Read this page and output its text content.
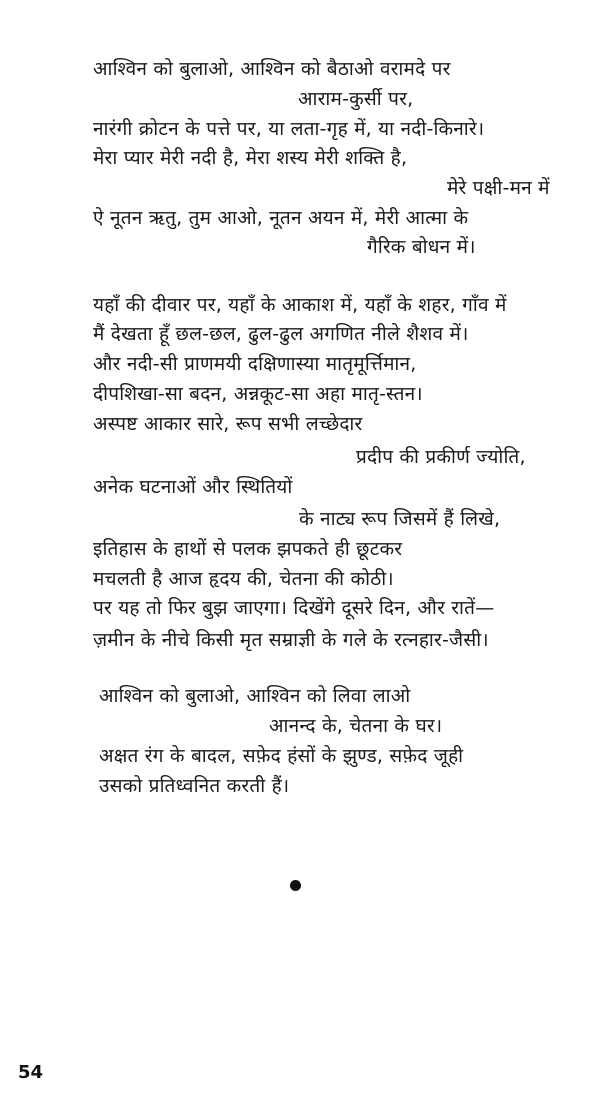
आश्विन को बुलाओ, आश्विन को बैठाओ वरामदे पर
आराम-कुर्सी पर,
नारंगी क्रोटन के पत्ते पर, या लता-गृह में, या नदी-किनारे।
मेरा प्यार मेरी नदी है, मेरा शस्य मेरी शक्ति है,
मेरे पक्षी-मन में
ऐ नूतन ऋतु, तुम आओ, नूतन अयन में, मेरी आत्मा के
गैरिक बोधन में।
यहाँ की दीवार पर, यहाँ के आकाश में, यहाँ के शहर, गाँव में
मैं देखता हूँ छल-छल, ढुल-ढुल अगणित नीले शैशव में।
और नदी-सी प्राणमयी दक्षिणास्या मातृमूर्त्तिमान,
दीपशिखा-सा बदन, अन्नकूट-सा अहा मातृ-स्तन।
अस्पष्ट आकार सारे, रूप सभी लच्छेदार
प्रदीप की प्रकीर्ण ज्योति,
अनेक घटनाओं और स्थितियों
के नाट्य रूप जिसमें हैं लिखे,
इतिहास के हाथों से पलक झपकते ही छूटकर
मचलती है आज हृदय की, चेतना की कोठी।
पर यह तो फिर बुझ जाएगा। दिखेंगे दूसरे दिन, और रातें—
ज़मीन के नीचे किसी मृत सम्राज्ञी के गले के रत्नहार-जैसी।
आश्विन को बुलाओ, आश्विन को लिवा लाओ
आनन्द के, चेतना के घर।
अक्षत रंग के बादल, सफ़ेद हंसों के झुण्ड, सफ़ेद जूही
उसको प्रतिध्वनित करती हैं।
54
